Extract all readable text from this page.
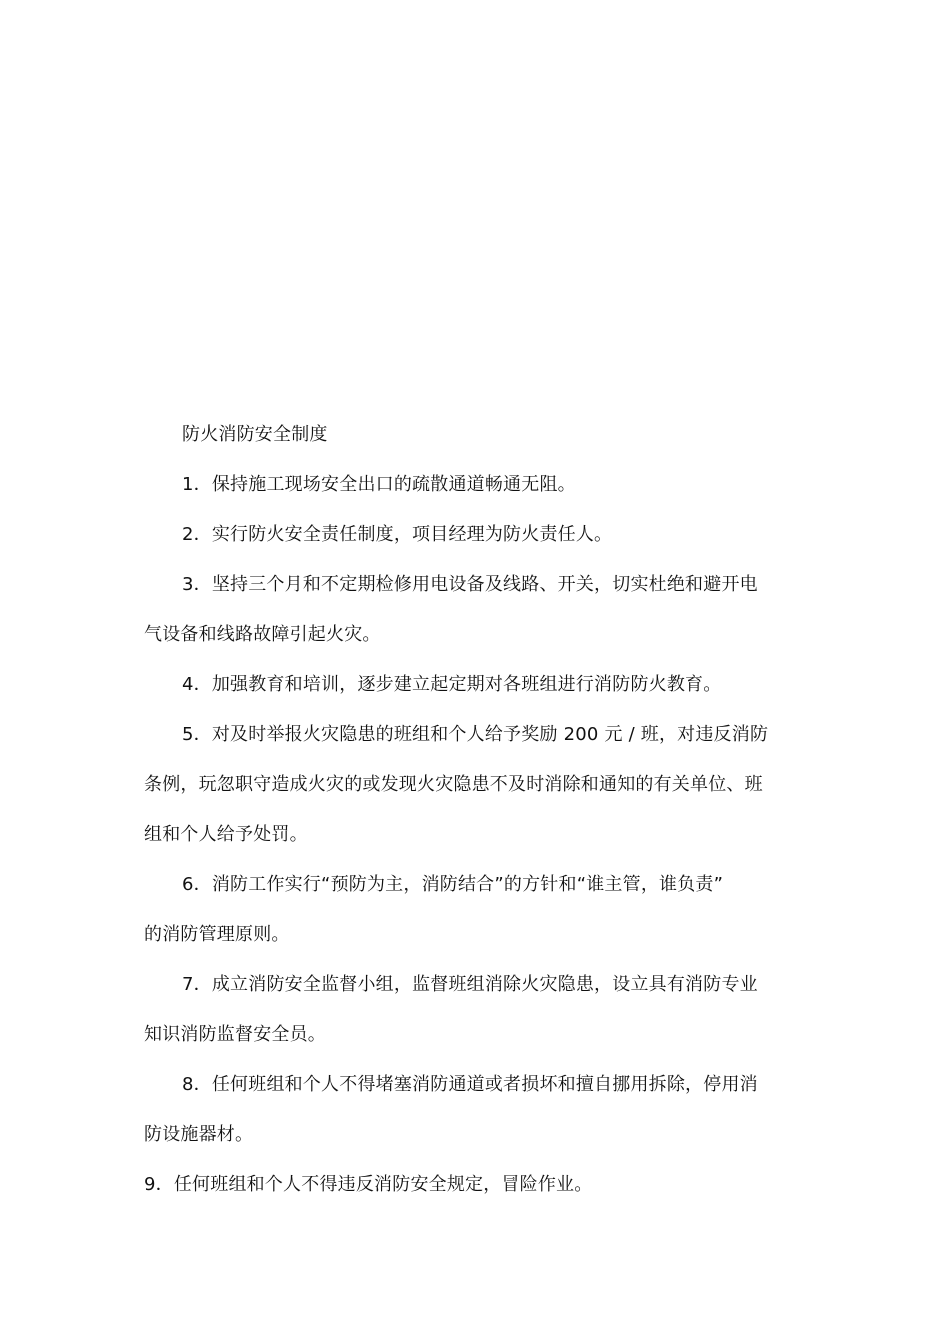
防火消防安全制度
1．保持施工现场安全出口的疏散通道畅通无阻。
2．实行防火安全责任制度，项目经理为防火责任人。
3．坚持三个月和不定期检修用电设备及线路、开关，切实杜绝和避开电
气设备和线路故障引起火灾。
4．加强教育和培训，逐步建立起定期对各班组进行消防防火教育。
5．对及时举报火灾隐患的班组和个人给予奖励 200 元 / 班，对违反消防
条例，玩忽职守造成火灾的或发现火灾隐患不及时消除和通知的有关单位、班
组和个人给予处罚。
6．消防工作实行“预防为主，消防结合”的方针和“谁主管，谁负责”
的消防管理原则。
7．成立消防安全监督小组，监督班组消除火灾隐患，设立具有消防专业
知识消防监督安全员。
8．任何班组和个人不得堵塞消防通道或者损坏和擅自挪用拆除，停用消
防设施器材。
9．任何班组和个人不得违反消防安全规定，冒险作业。
